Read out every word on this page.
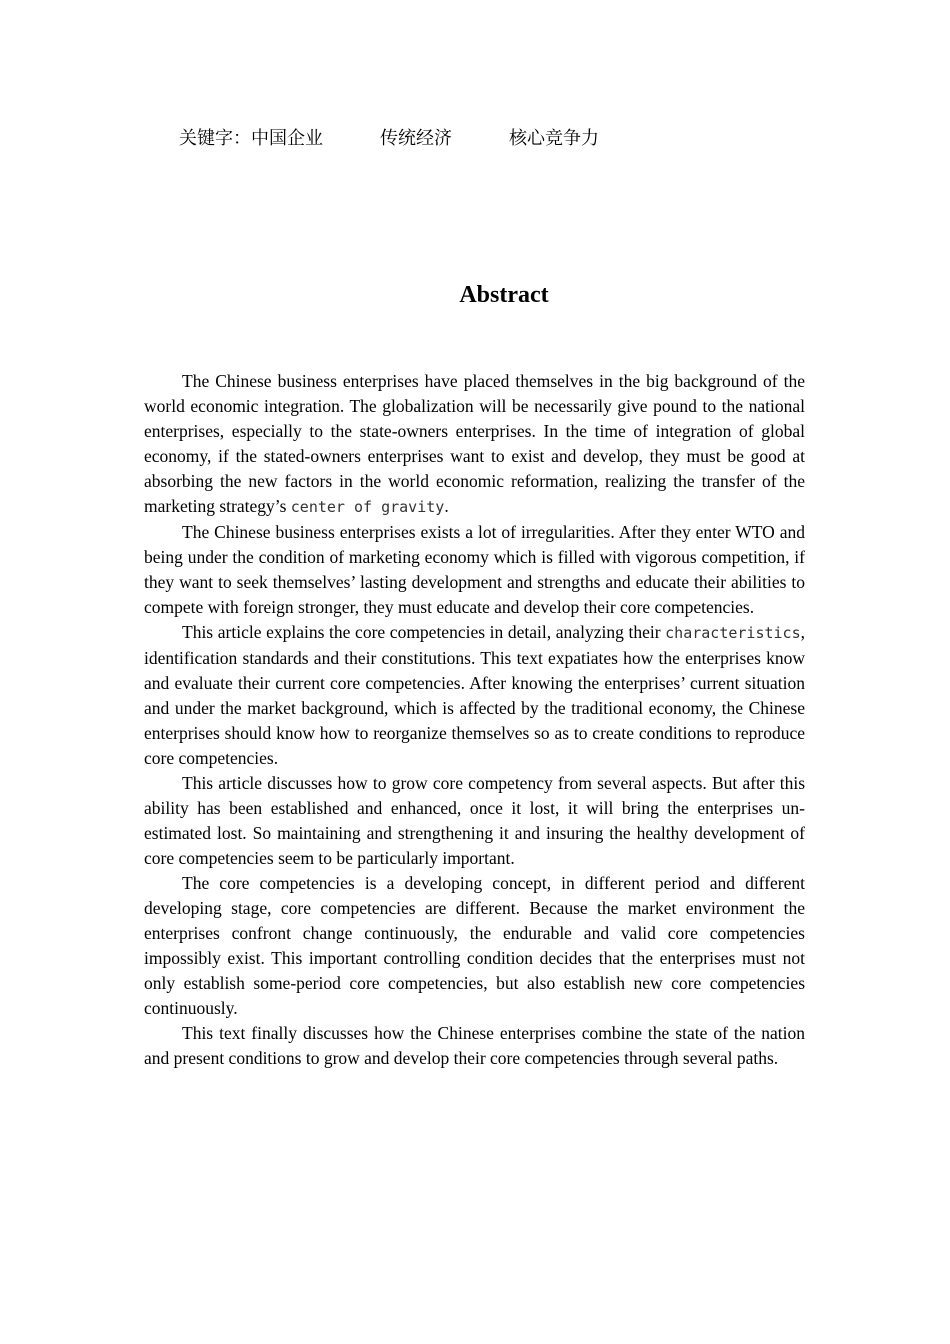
关键字：中国企业	传统经济	核心竞争力
Abstract

The Chinese business enterprises have placed themselves in the big background of the world economic integration. The globalization will be necessarily give pound to the national enterprises, especially to the state-owners enterprises. In the time of integration of global economy, if the stated-owners enterprises want to exist and develop, they must be good at absorbing the new factors in the world economic reformation, realizing the transfer of the marketing strategy’s center of gravity.

The Chinese business enterprises exists a lot of irregularities. After they enter WTO and being under the condition of marketing economy which is filled with vigorous competition, if they want to seek themselves’ lasting development and strengths and educate their abilities to compete with foreign stronger, they must educate and develop their core competencies.

This article explains the core competencies in detail, analyzing their characteristics, identification standards and their constitutions. This text expatiates how the enterprises know and evaluate their current core competencies. After knowing the enterprises’ current situation and under the market background, which is affected by the traditional economy, the Chinese enterprises should know how to reorganize themselves so as to create conditions to reproduce core competencies.

This article discusses how to grow core competency from several aspects. But after this ability has been established and enhanced, once it lost, it will bring the enterprises un-estimated lost. So maintaining and strengthening it and insuring the healthy development of core competencies seem to be particularly important.

The core competencies is a developing concept, in different period and different developing stage, core competencies are different. Because the market environment the enterprises confront change continuously, the endurable and valid core competencies impossibly exist. This important controlling condition decides that the enterprises must not only establish some-period core competencies, but also establish new core competencies continuously.

This text finally discusses how the Chinese enterprises combine the state of the nation and present conditions to grow and develop their core competencies through several paths.
